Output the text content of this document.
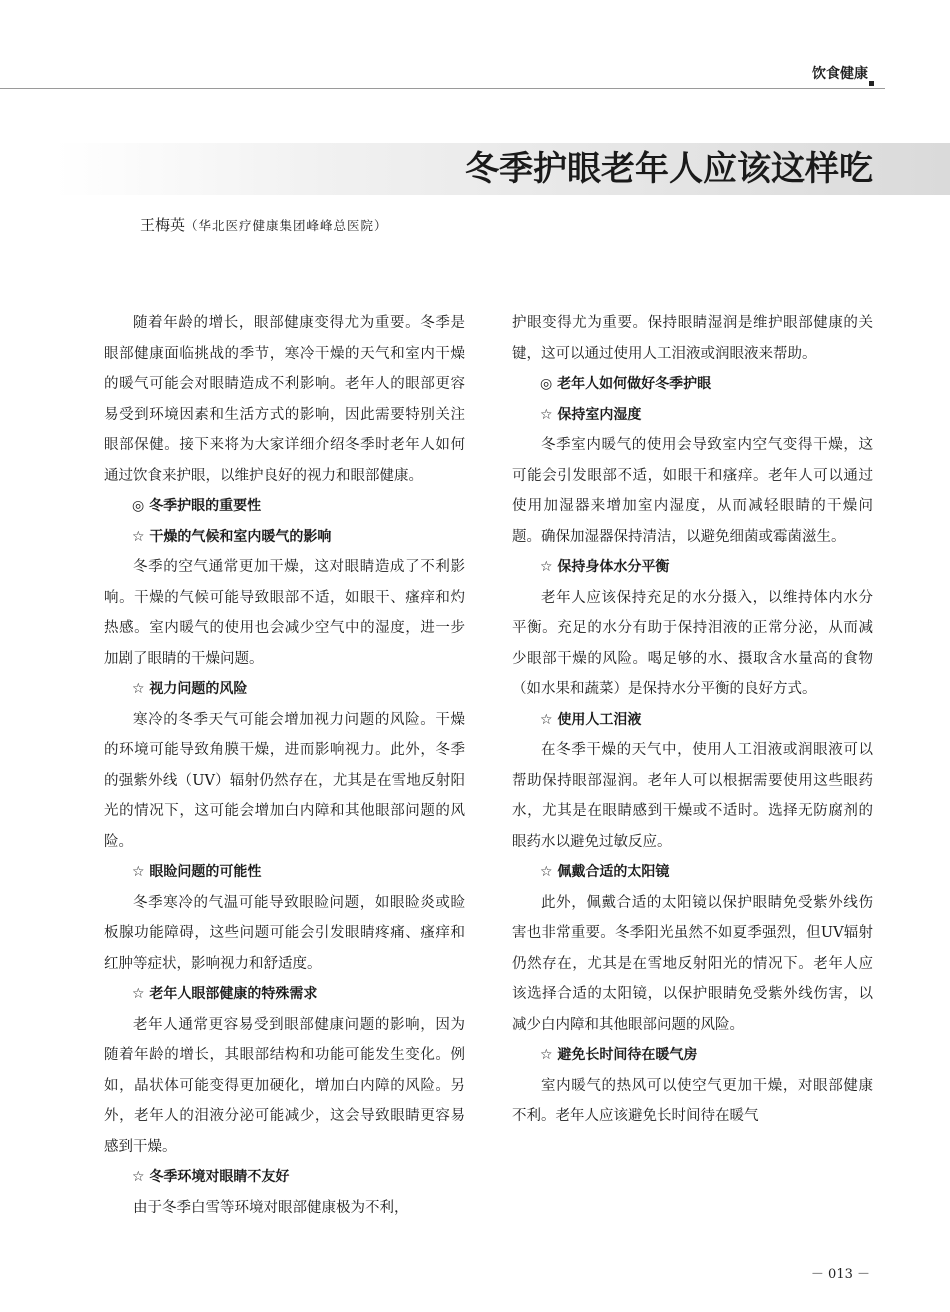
饮食健康
冬季护眼老年人应该这样吃
王梅英（华北医疗健康集团峰峰总医院）

随着年龄的增长，眼部健康变得尤为重要。冬季是眼部健康面临挑战的季节，寒冷干燥的天气和室内干燥的暖气可能会对眼睛造成不利影响。老年人的眼部更容易受到环境因素和生活方式的影响，因此需要特别关注眼部保健。接下来将为大家详细介绍冬季时老年人如何通过饮食来护眼，以维护良好的视力和眼部健康。

◎ 冬季护眼的重要性

☆ 干燥的气候和室内暖气的影响

冬季的空气通常更加干燥，这对眼睛造成了不利影响。干燥的气候可能导致眼部不适，如眼干、瘙痒和灼热感。室内暖气的使用也会减少空气中的湿度，进一步加剧了眼睛的干燥问题。

☆ 视力问题的风险

寒冷的冬季天气可能会增加视力问题的风险。干燥的环境可能导致角膜干燥，进而影响视力。此外，冬季的强紫外线（UV）辐射仍然存在，尤其是在雪地反射阳光的情况下，这可能会增加白内障和其他眼部问题的风险。

☆ 眼睑问题的可能性

冬季寒冷的气温可能导致眼睑问题，如眼睑炎或睑板腺功能障碍，这些问题可能会引发眼睛疼痛、瘙痒和红肿等症状，影响视力和舒适度。

☆ 老年人眼部健康的特殊需求

老年人通常更容易受到眼部健康问题的影响，因为随着年龄的增长，其眼部结构和功能可能发生变化。例如，晶状体可能变得更加硬化，增加白内障的风险。另外，老年人的泪液分泌可能减少，这会导致眼睛更容易感到干燥。

☆ 冬季环境对眼睛不友好

由于冬季白雪等环境对眼部健康极为不利，

护眼变得尤为重要。保持眼睛湿润是维护眼部健康的关键，这可以通过使用人工泪液或润眼液来帮助。

◎ 老年人如何做好冬季护眼

☆ 保持室内湿度

冬季室内暖气的使用会导致室内空气变得干燥，这可能会引发眼部不适，如眼干和瘙痒。老年人可以通过使用加湿器来增加室内湿度，从而减轻眼睛的干燥问题。确保加湿器保持清洁，以避免细菌或霉菌滋生。

☆ 保持身体水分平衡

老年人应该保持充足的水分摄入，以维持体内水分平衡。充足的水分有助于保持泪液的正常分泌，从而减少眼部干燥的风险。喝足够的水、摄取含水量高的食物（如水果和蔬菜）是保持水分平衡的良好方式。

☆ 使用人工泪液

在冬季干燥的天气中，使用人工泪液或润眼液可以帮助保持眼部湿润。老年人可以根据需要使用这些眼药水，尤其是在眼睛感到干燥或不适时。选择无防腐剂的眼药水以避免过敏反应。

☆ 佩戴合适的太阳镜

此外，佩戴合适的太阳镜以保护眼睛免受紫外线伤害也非常重要。冬季阳光虽然不如夏季强烈，但UV辐射仍然存在，尤其是在雪地反射阳光的情况下。老年人应该选择合适的太阳镜，以保护眼睛免受紫外线伤害，以减少白内障和其他眼部问题的风险。

☆ 避免长时间待在暖气房

室内暖气的热风可以使空气更加干燥，对眼部健康不利。老年人应该避免长时间待在暖气

－ 013 －
